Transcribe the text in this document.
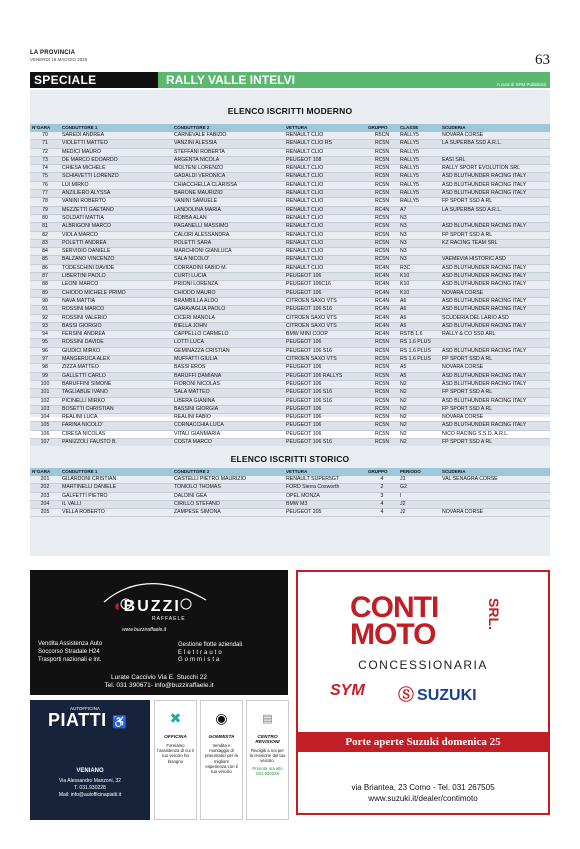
LA PROVINCIA
VENERDÌ 16 MAGGIO 2025	63
SPECIALE	RALLY VALLE INTELVI	A cura di SPM Pubblicità
ELENCO ISCRITTI MODERNO
N°GARA	CONDUTTORE 1	CONDUTTORE 2	VETTURA	GRUPPO	CLASSE	SCUDERIA
70	SAREDI ANDREA	CARNEVALE FABIZIO	RENAULT CLIO	R5CN	RALLY5	NOVARA CORSE
71	VIOLETTI MATTEO	VANZINI ALESSIA	RENAULT CLIO RS	RC5N	RALLY5	LA SUPERBA SSD A.R.L.
72	MEDICI MAURO	STEFFANI ROBERTA	RENAULT CLIO	RC5N	RALLY5	
73	DE MARCO EDOARDO	ARGENTA NICOLA	PEUGEOT 108	RC5N	RALLY5	EASI SRL
74	CHIESA MICHELE	MOLTENI LORENZO	RENAULT CLIO	RC5N	RALLY5	RALLY SPORT EVOLUTION SRL
75	SCHIAVETTI LORENZO	GADALDI VERONICA	RENAULT CLIO	RC5N	RALLY5	ASD BLUTHUNDER RACING ITALY
76	LUI MIRKO	CHIACCHELLA CLARISSA	RENAULT CLIO	RC5N	RALLY5	ASD BLUTHUNDER RACING ITALY
77	ANZILIERO ALYSSA	BARONE MAURIZIO	RENAULT CLIO	RC5N	RALLY5	ASD BLUTHUNDER RACING ITALY
78	VANINI ROBERTO	VANINI SAMUELE	RENAULT CLIO	RC5N	RALLY5	FP SPORT SSD A RL
79	MEZZETTI GAETANO	LANDOLINA MARIA	RENAULT CLIO	RC4N	A7	LA SUPERBA SSD A.R.L.
80	SOLDATI MATTIA	ROBBA ALAN	RENAULT CLIO	RC5N	N3	
81	ALBRIGONI MARCO	PAGANELLI MASSIMO	RENAULT CLIO	RC5N	N3	ASD BLUTHUNDER RACING ITALY
82	VIOLA MARCO	CALORI ALESSANDRA	RENAULT CLIO	RC5N	N3	FP SPORT SSD A RL
83	POLETTI ANDREA	POLETTI SARA	RENAULT CLIO	RC5N	N3	KZ RACING TEAM SRL
84	SERVIDIO DANIELE	MARCHIONI GIANLUCA	RENAULT CLIO	RC5N	N3	
85	BALZANO VINCENZO	SALA NICOLO'	RENAULT CLIO	RC5N	N3	VAEMEVIA HISTORIC ASD
86	TODESCHINI DAVIDE	CORRADINI FABIO M.	RENAULT CLIO	RC4N	R3C	ASD BLUTHUNDER RACING ITALY
87	LIBERTINI PAOLO	CURTI LUCIA	PEUGEOT 106	RC4N	K10	ASD BLUTHUNDER RACING ITALY
88	LEONI MARCO	PRIONI LORENZA	PEUGEOT 106C16	RC4N	K10	ASD BLUTHUNDER RACING ITALY
89	CHIODO MICHELE PRIMO	CHIODO MAURO	PEUGEOT 106	RC4N	K10	NOVARA CORSE
90	NAVA MATTIA	BRAMBILLA ALDO	CITROEN SAXO VTS	RC4N	A6	ASD BLUTHUNDER RACING ITALY
91	ROSSINI MARCO	GARAVAGLIA PAOLO	PEUGEOT 106 S16	RC4N	A6	ASD BLUTHUNDER RACING ITALY
92	ROSSINI VALERIO	CICERI MANOLA	CITROEN SAXO VTS	RC4N	A6	SCUDERIA DEL LARIO ASD
93	BASSI GIORGIO	BIELLA JOHN	CITROEN SAXO VTS	RC4N	A6	ASD BLUTHUNDER RACING ITALY
94	FERSINI ANDREA	CAPPELLO CARMELO	BMW MINI COOP	RC4N	RSTB 1.6	RALLY & CO SSD ARL
95	ROSSINI DAVIDE	LOTTI LUCA	PEUGEOT 106	RC5N	RS 1.6 PLUS	
96	GIUDICI MIRKO	GEMINAZZA CRISTIAN	PEUGEOT 106 S16	RC5N	RS 1.6 PLUS	ASD BLUTHUNDER RACING ITALY
97	MANGERUCA ALEX	MUFFATTI GIULIA	CITROEN SAXO VTS	RC5N	RS 1.6 PLUS	FP SPORT SSD A RL
98	ZIZZA MATTEO	BASSI EROS	PEUGEOT 106	RC5N	A5	NOVARA CORSE
99	GALLETTI CARLO	BARUFFI DAMIANA	PEUGEOT 106 RALLYS	RC5N	A5	ASD BLUTHUNDER RACING ITALY
100	BARUFFINI SIMONE	FIORONI NICOLAS	PEUGEOT 106	RC5N	N2	ASD BLUTHUNDER RACING ITALY
101	TAGLIABUE IVANO	SALA MATTEO	PEUGEOT 106 S16	RC5N	N2	FP SPORT SSD A RL
102	PICINELLI MIRKO	LIBERA GIANINA	PEUGEOT 106 S16	RC5N	N2	ASD BLUTHUNDER RACING ITALY
103	BOSETTI CHRISTIAN	BASSINI GIORGIA	PEUGEOT 106	RC5N	N2	FP SPORT SSD A RL
104	REALINI LUCA	REALINI FABIO	PEUGEOT 106	RC5N	N2	NOVARA CORSE
105	FARINA NICOLO'	CORNACCHIA LUCA	PEUGEOT 106	RC5N	N2	ASD BLUTHUNDER RACING ITALY
106	CIRESA NICOLAS	VITALI GIANMARIA	PEUGEOT 106	RC5N	N2	NICO RACING S.S.D. A.R.L.
107	PANIZZOLI FAUSTO B.	COSTA MARCO	PEUGEOT 106 S16	RC5N	N2	FP SPORT SSD A RL
ELENCO ISCRITTI STORICO
N°GARA	CONDUTTORE 1	CONDUTTORE 2	VETTURA	GRUPPO	PERIODO	SCUDERIA
201	GILARDONI CRISTIAN	CASTELLI PIETRO MAURIZIO	RENAULT SUPER5GT	4	J1	VAL SENAGRA CORSE
202	MARTINELLI DANIELE	TONIOLO THOMAS	FORD Sierra Cosworth	2	G2	
203	GALFETTI PIETRO	DALDINI GEA	OPEL MONZA	3	I	
204	IL VALLI	CIRILLO STEFANO	BMW M3	4	J2	
205	VELLA ROBERTO	ZAMPESE SIMONA	PEUGEOT 205	4	J2	NOVARA CORSE
◖BUZZI
RAFFAELE
www.buzziraffaele.it
Vendita Assistenza Auto
Soccorso Stradale H24
Trasporti nazionali e int.
Gestione flotte aziendali
Elettrauto
Gommista
Lurate Caccivio Via E. Stucchi 22
Tel. 031 390671- info@buzziraffaele.it
CONTI
MOTO
SRL.
CONCESSIONARIA
SYM Ⓢ SUZUKI
Porte aperte Suzuki domenica 25
via Briantea, 23 Como - Tel. 031 267505
www.suzuki.it/dealer/contimoto
AUTOFFICINA
PIATTI ♿
VENIANO
Via Alessandro Manzoni, 32
T. 031.930228
Mail: info@autofficinapiatti.it
✖
OFFICINA
Forniamo l'assistenza di cui il tuo veicolo ha bisogno
◉
GOMMISTA
Vendita e montaggio di pneumatici per la migliore esperienza con il tuo veicolo
▤
CENTRO REVISIONI
Rivolgiti a noi per la revisione del tuo veicolo.
Prenota ora allo 031.930228
